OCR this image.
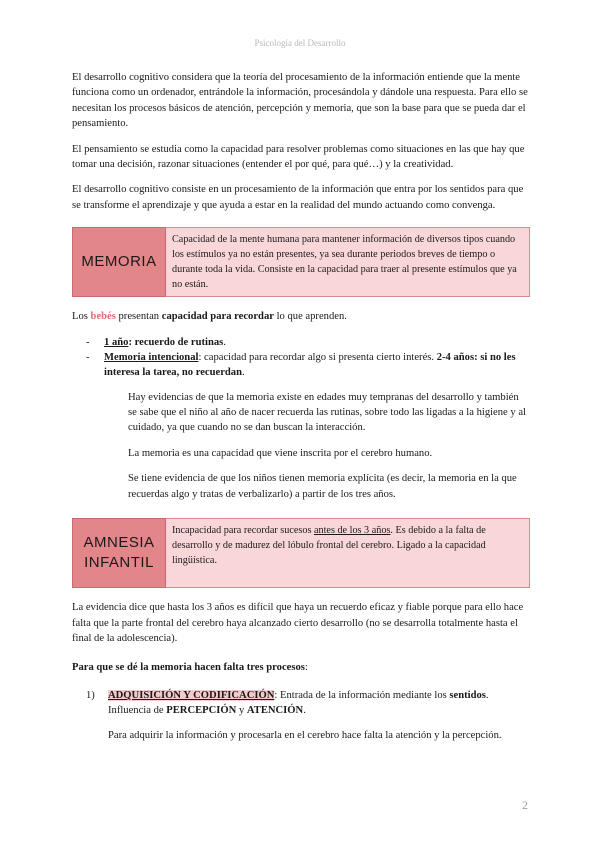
Psicología del Desarrollo

El desarrollo cognitivo considera que la teoría del procesamiento de la información entiende que la mente funciona como un ordenador, entrándole la información, procesándola y dándole una respuesta. Para ello se necesitan los procesos básicos de atención, percepción y memoria, que son la base para que se pueda dar el pensamiento.

El pensamiento se estudia como la capacidad para resolver problemas como situaciones en las que hay que tomar una decisión, razonar situaciones (entender el por qué, para qué…) y la creatividad.

El desarrollo cognitivo consiste en un procesamiento de la información que entra por los sentidos para que se transforme el aprendizaje y que ayuda a estar en la realidad del mundo actuando como convenga.

MEMORIA
Capacidad de la mente humana para mantener información de diversos tipos cuando los estímulos ya no están presentes, ya sea durante periodos breves de tiempo o durante toda la vida. Consiste en la capacidad para traer al presente estímulos que ya no están.

Los bebés presentan capacidad para recordar lo que aprenden.

- 1 año: recuerdo de rutinas.
- Memoria intencional: capacidad para recordar algo si presenta cierto interés. 2-4 años: si no les interesa la tarea, no recuerdan.

Hay evidencias de que la memoria existe en edades muy tempranas del desarrollo y también se sabe que el niño al año de nacer recuerda las rutinas, sobre todo las ligadas a la higiene y al cuidado, ya que cuando no se dan buscan la interacción.

La memoria es una capacidad que viene inscrita por el cerebro humano.

Se tiene evidencia de que los niños tienen memoria explícita (es decir, la memoria en la que recuerdas algo y tratas de verbalizarlo) a partir de los tres años.

AMNESIA
INFANTIL
Incapacidad para recordar sucesos antes de los 3 años. Es debido a la falta de desarrollo y de madurez del lóbulo frontal del cerebro. Ligado a la capacidad lingüística.

La evidencia dice que hasta los 3 años es difícil que haya un recuerdo eficaz y fiable porque para ello hace falta que la parte frontal del cerebro haya alcanzado cierto desarrollo (no se desarrolla totalmente hasta el final de la adolescencia).

Para que se dé la memoria hacen falta tres procesos:

1) ADQUISICIÓN Y CODIFICACIÓN: Entrada de la información mediante los sentidos.
Influencia de PERCEPCIÓN y ATENCIÓN.

Para adquirir la información y procesarla en el cerebro hace falta la atención y la percepción.

2
